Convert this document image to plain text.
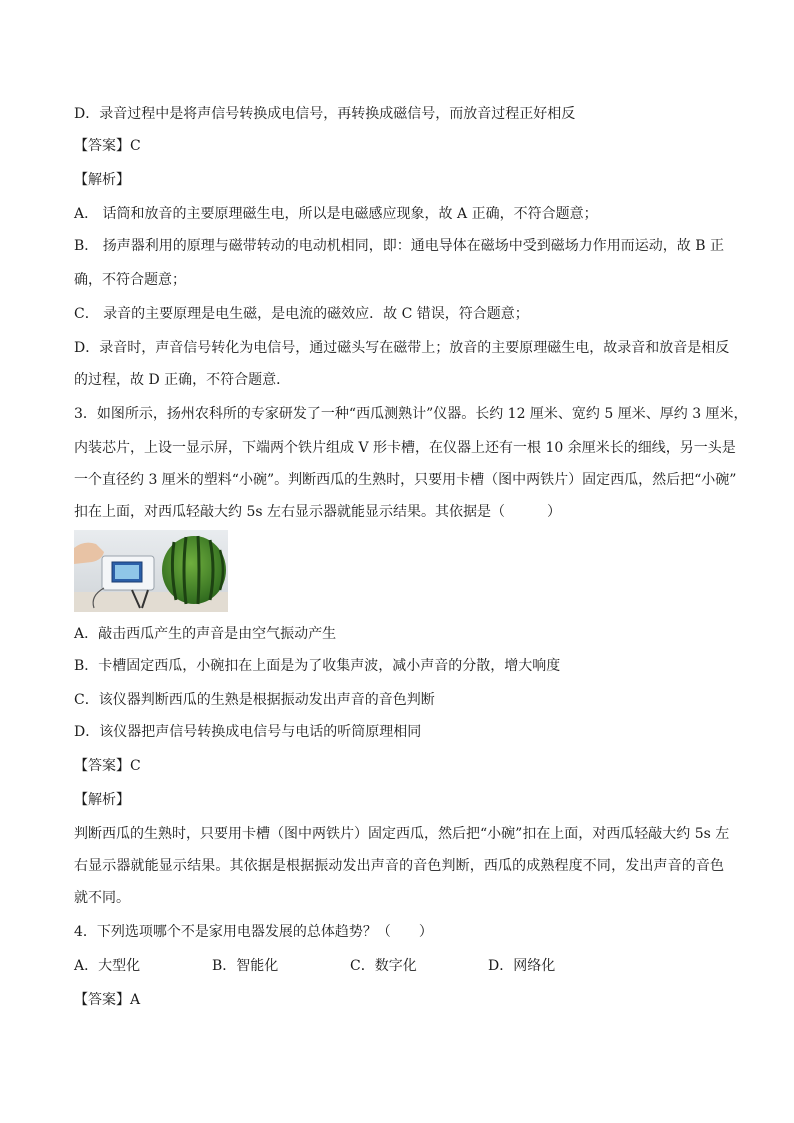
D．录音过程中是将声信号转换成电信号，再转换成磁信号，而放音过程正好相反
【答案】C
【解析】
A． 话筒和放音的主要原理磁生电，所以是电磁感应现象，故 A 正确，不符合题意；
B． 扬声器利用的原理与磁带转动的电动机相同，即：通电导体在磁场中受到磁场力作用而运动，故 B 正
确，不符合题意；
C． 录音的主要原理是电生磁，是电流的磁效应．故 C 错误，符合题意；
D．录音时，声音信号转化为电信号，通过磁头写在磁带上；放音的主要原理磁生电，故录音和放音是相反
的过程，故 D 正确，不符合题意．
3．如图所示，扬州农科所的专家研发了一种“西瓜测熟计”仪器。长约 12 厘米、宽约 5 厘米、厚约 3 厘米，
内装芯片，上设一显示屏，下端两个铁片组成 V 形卡槽，在仪器上还有一根 10 余厘米长的细线，另一头是
一个直径约 3 厘米的塑料“小碗”。判断西瓜的生熟时，只要用卡槽（图中两铁片）固定西瓜，然后把“小碗”
扣在上面，对西瓜轻敲大约 5s 左右显示器就能显示结果。其依据是（　　　）
A．敲击西瓜产生的声音是由空气振动产生
B．卡槽固定西瓜，小碗扣在上面是为了收集声波，减小声音的分散，增大响度
C．该仪器判断西瓜的生熟是根据振动发出声音的音色判断
D．该仪器把声信号转换成电信号与电话的听筒原理相同
【答案】C
【解析】
判断西瓜的生熟时，只要用卡槽（图中两铁片）固定西瓜，然后把“小碗”扣在上面，对西瓜轻敲大约 5s 左
右显示器就能显示结果。其依据是根据振动发出声音的音色判断，西瓜的成熟程度不同，发出声音的音色
就不同。
4．下列选项哪个不是家用电器发展的总体趋势？（　　）
A．大型化	B．智能化	C．数字化	D．网络化
【答案】A
